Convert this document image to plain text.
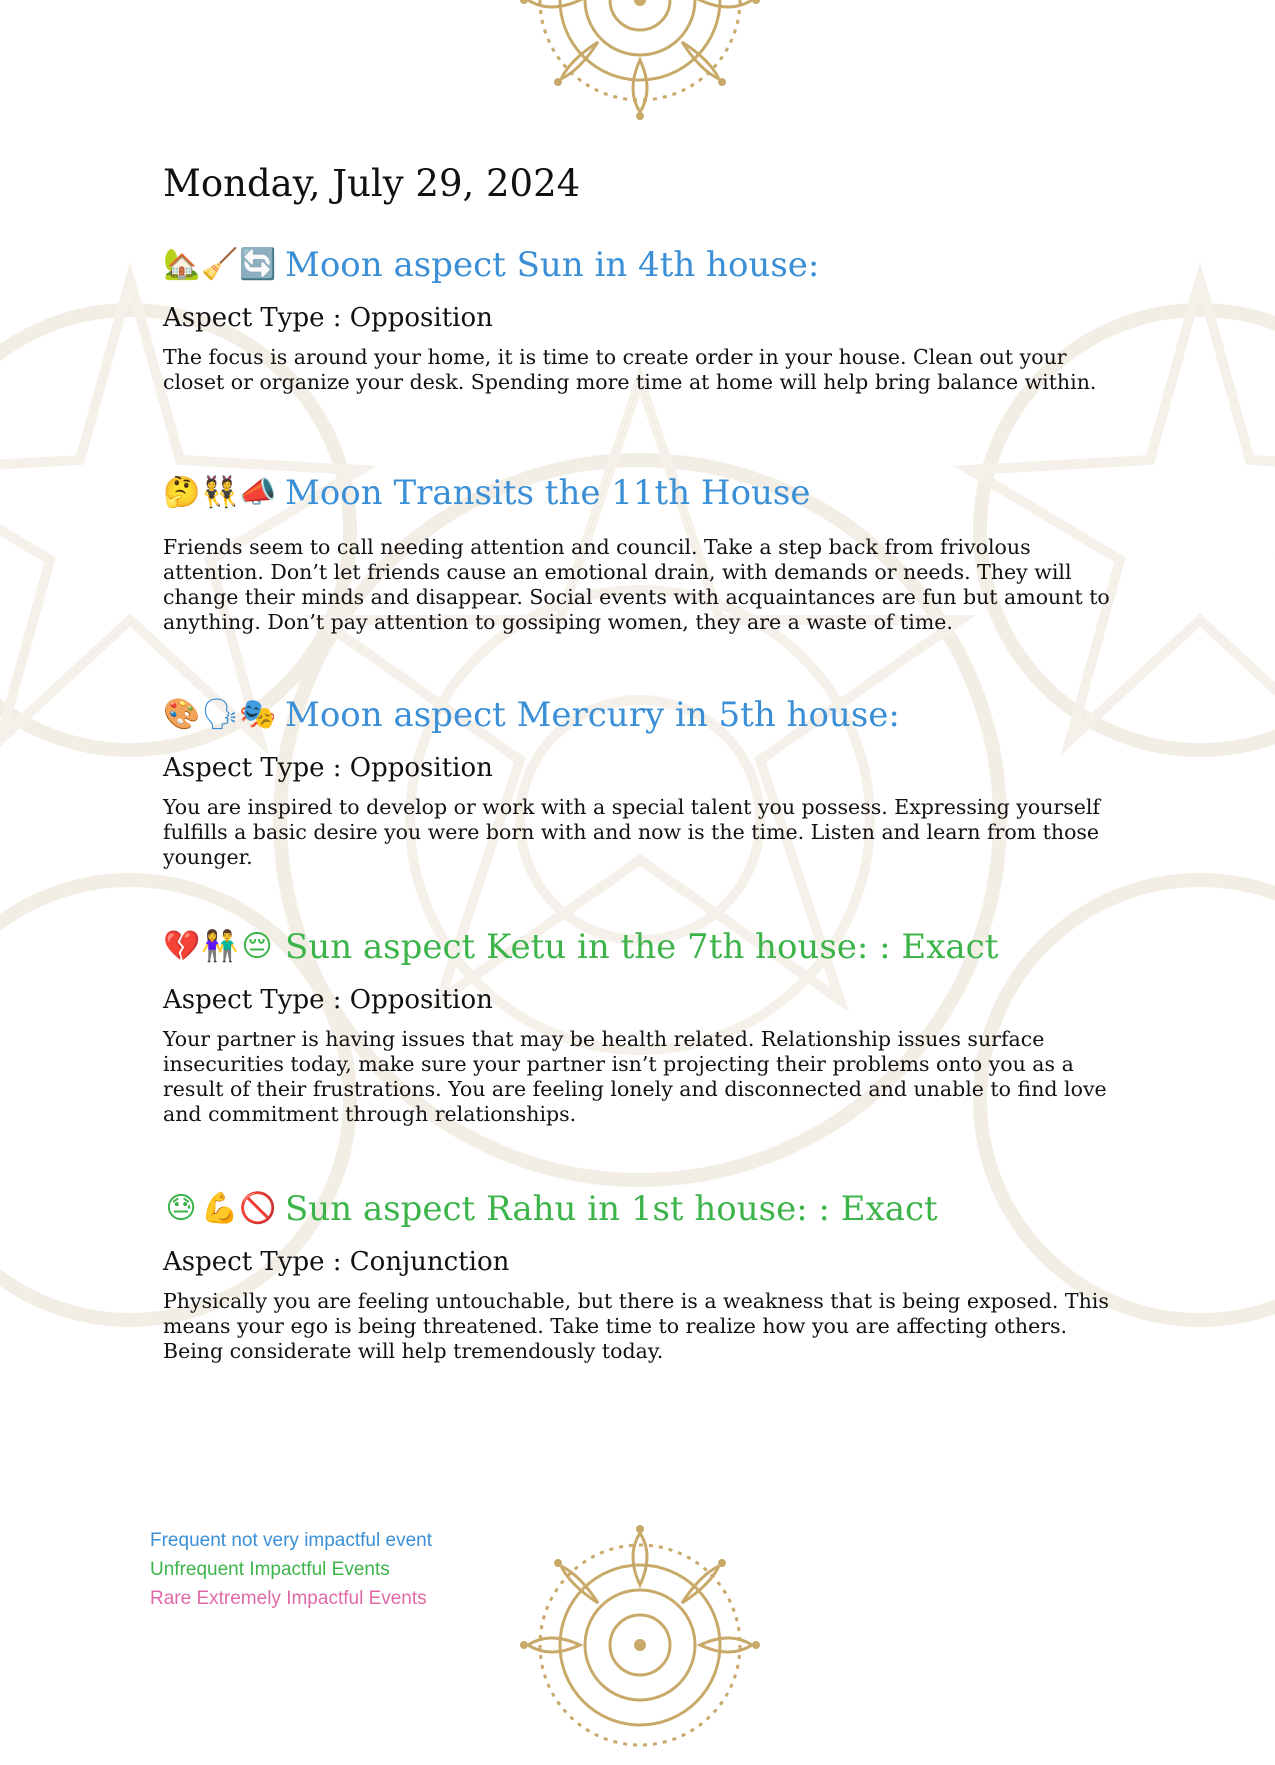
Monday, July 29, 2024
🏡 🧹 🔄 Moon aspect Sun in 4th house:
Aspect Type : Opposition

The focus is around your home, it is time to create order in your house. Clean out your closet or organize your desk. Spending more time at home will help bring balance within.

🤔 👯 📣 Moon Transits the 11th House

Friends seem to call needing attention and council. Take a step back from frivolous attention. Don’t let friends cause an emotional drain, with demands or needs. They will change their minds and disappear. Social events with acquaintances are fun but amount to anything. Don’t pay attention to gossiping women, they are a waste of time.

🎨 🗣 🎭 Moon aspect Mercury in 5th house:
Aspect Type : Opposition

You are inspired to develop or work with a special talent you possess. Expressing yourself fulfills a basic desire you were born with and now is the time. Listen and learn from those younger.

💔 👫 😔 Sun aspect Ketu in the 7th house: : Exact
Aspect Type : Opposition

Your partner is having issues that may be health related. Relationship issues surface insecurities today, make sure your partner isn’t projecting their problems onto you as a result of their frustrations. You are feeling lonely and disconnected and unable to find love and commitment through relationships.

😓 💪 🚫 Sun aspect Rahu in 1st house: : Exact
Aspect Type : Conjunction

Physically you are feeling untouchable, but there is a weakness that is being exposed. This means your ego is being threatened. Take time to realize how you are affecting others. Being considerate will help tremendously today.

Frequent not very impactful event
Unfrequent Impactful Events
Rare Extremely Impactful Events
